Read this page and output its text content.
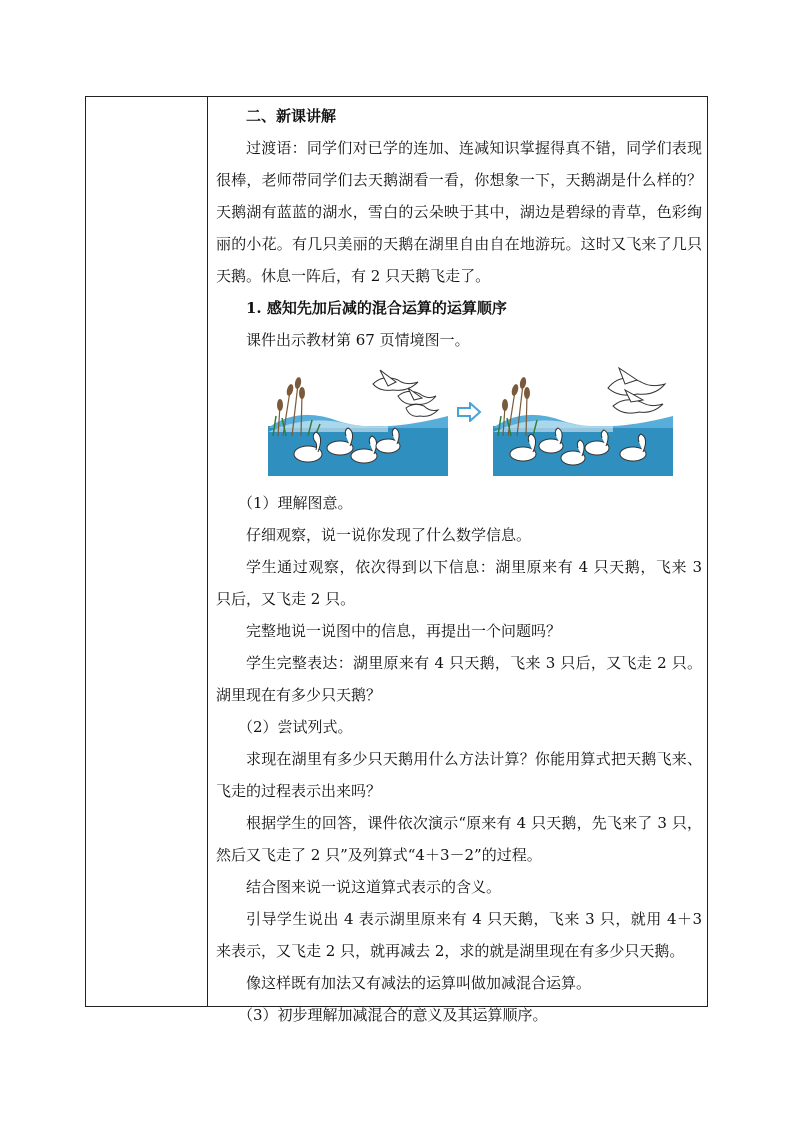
二、新课讲解

过渡语：同学们对已学的连加、连减知识掌握得真不错，同学们表现很棒，老师带同学们去天鹅湖看一看，你想象一下，天鹅湖是什么样的？天鹅湖有蓝蓝的湖水，雪白的云朵映于其中，湖边是碧绿的青草，色彩绚丽的小花。有几只美丽的天鹅在湖里自由自在地游玩。这时又飞来了几只天鹅。休息一阵后，有 2 只天鹅飞走了。

1. 感知先加后减的混合运算的运算顺序

课件出示教材第 67 页情境图一。

（1）理解图意。

仔细观察，说一说你发现了什么数学信息。

学生通过观察，依次得到以下信息：湖里原来有 4 只天鹅，飞来 3 只后，又飞走 2 只。

完整地说一说图中的信息，再提出一个问题吗？

学生完整表达：湖里原来有 4 只天鹅，飞来 3 只后，又飞走 2 只。湖里现在有多少只天鹅？

（2）尝试列式。

求现在湖里有多少只天鹅用什么方法计算？你能用算式把天鹅飞来、飞走的过程表示出来吗？

根据学生的回答，课件依次演示“原来有 4 只天鹅，先飞来了 3 只，然后又飞走了 2 只”及列算式“4＋3－2”的过程。

结合图来说一说这道算式表示的含义。

引导学生说出 4 表示湖里原来有 4 只天鹅，飞来 3 只，就用 4＋3 来表示，又飞走 2 只，就再减去 2，求的就是湖里现在有多少只天鹅。

像这样既有加法又有减法的运算叫做加减混合运算。

（3）初步理解加减混合的意义及其运算顺序。
